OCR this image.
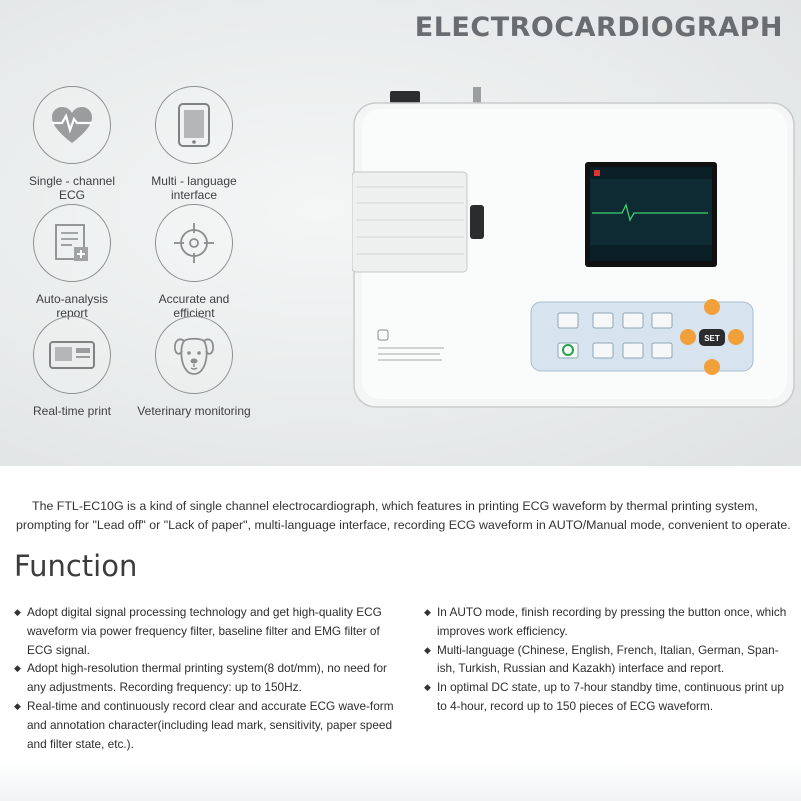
ELECTROCARDIOGRAPH
Single - channel
ECG
Multi - language
interface
Auto-analysis
report
Accurate and
efficient
Real-time print	Veterinary monitoring
SET

The FTL-EC10G is a kind of single channel electrocardiograph, which features in printing ECG waveform by thermal printing system, prompting for "Lead off" or "Lack of paper", multi-language interface, recording ECG waveform in AUTO/Manual mode, convenient to operate.

Function
◆ Adopt digital signal processing technology and get high-quality ECG waveform via power frequency filter, baseline filter and EMG filter of ECG signal.
◆ Adopt high-resolution thermal printing system(8 dot/mm), no need for any adjustments. Recording frequency: up to 150Hz.
◆ Real-time and continuously record clear and accurate ECG wave-form and annotation character(including lead mark, sensitivity, paper speed and filter state, etc.).
◆ In AUTO mode, finish recording by pressing the button once, which improves work efficiency.
◆ Multi-language (Chinese, English, French, Italian, German, Span-ish, Turkish, Russian and Kazakh) interface and report.
◆ In optimal DC state, up to 7-hour standby time, continuous print up to 4-hour, record up to 150 pieces of ECG waveform.
